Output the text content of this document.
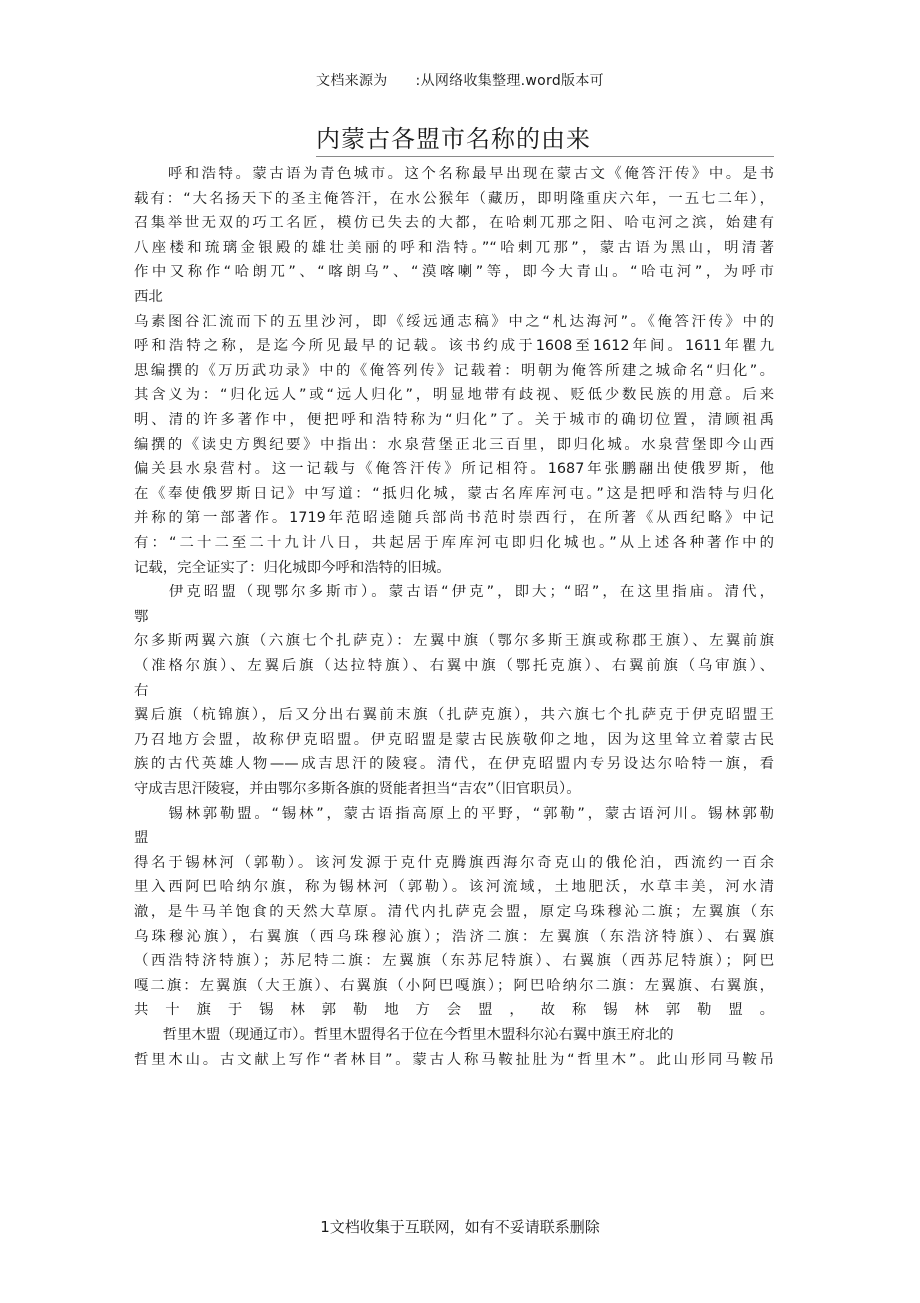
文档来源为 :从网络收集整理.word版本可
内蒙古各盟市名称的由来
　　呼和浩特。蒙古语为青色城市。这个名称最早出现在蒙古文《俺答汗传》中。是书
载有：“大名扬天下的圣主俺答汗，在水公猴年（藏历，即明隆重庆六年，一五七二年），
召集举世无双的巧工名匠，模仿已失去的大都，在哈剌兀那之阳、哈屯河之滨，始建有
八座楼和琉璃金银殿的雄壮美丽的呼和浩特。”“哈剌兀那”，蒙古语为黑山，明清著
作中又称作“哈朗兀”、“喀朗乌”、“漠喀喇”等，即今大青山。“哈屯河”，为呼市
西北
乌素图谷汇流而下的五里沙河，即《绥远通志稿》中之“札达海河”。《俺答汗传》中的
呼和浩特之称，是迄今所见最早的记载。该书约成于1608至1612年间。1611年瞿九
思编撰的《万历武功录》中的《俺答列传》记载着：明朝为俺答所建之城命名“归化”。
其含义为：“归化远人”或“远人归化”，明显地带有歧视、贬低少数民族的用意。后来
明、清的许多著作中，便把呼和浩特称为“归化”了。关于城市的确切位置，清顾祖禹
编撰的《读史方舆纪要》中指出：水泉营堡正北三百里，即归化城。水泉营堡即今山西
偏关县水泉营村。这一记载与《俺答汗传》所记相符。1687年张鹏翮出使俄罗斯，他
在《奉使俄罗斯日记》中写道：“抵归化城，蒙古名库库河屯。”这是把呼和浩特与归化
并称的第一部著作。1719年范昭逵随兵部尚书范时崇西行，在所著《从西纪略》中记
有：“二十二至二十九计八日，共起居于库库河屯即归化城也。”从上述各种著作中的
记载，完全证实了：归化城即今呼和浩特的旧城。
　　伊克昭盟（现鄂尔多斯市）。蒙古语“伊克”，即大；“昭”，在这里指庙。清代，
鄂
尔多斯两翼六旗（六旗七个扎萨克）：左翼中旗（鄂尔多斯王旗或称郡王旗）、左翼前旗
（准格尔旗）、左翼后旗（达拉特旗）、右翼中旗（鄂托克旗）、右翼前旗（乌审旗）、
右
翼后旗（杭锦旗），后又分出右翼前末旗（扎萨克旗），共六旗七个扎萨克于伊克昭盟王
乃召地方会盟，故称伊克昭盟。伊克昭盟是蒙古民族敬仰之地，因为这里耸立着蒙古民
族的古代英雄人物——成吉思汗的陵寝。清代，在伊克昭盟内专另设达尔哈特一旗，看
守成吉思汗陵寝，并由鄂尔多斯各旗的贤能者担当“吉农”（旧官职员）。
　　锡林郭勒盟。“锡林”，蒙古语指高原上的平野，“郭勒”，蒙古语河川。锡林郭勒
盟
得名于锡林河（郭勒）。该河发源于克什克腾旗西海尔奇克山的俄伦泊，西流约一百余
里入西阿巴哈纳尔旗，称为锡林河（郭勒）。该河流域，土地肥沃，水草丰美，河水清
澈，是牛马羊饱食的天然大草原。清代内扎萨克会盟，原定乌珠穆沁二旗；左翼旗（东
乌珠穆沁旗），右翼旗（西乌珠穆沁旗）；浩济二旗：左翼旗（东浩济特旗）、右翼旗
（西浩特济特旗）；苏尼特二旗：左翼旗（东苏尼特旗）、右翼旗（西苏尼特旗）；阿巴
嘎二旗：左翼旗（大王旗）、右翼旗（小阿巴嘎旗）；阿巴哈纳尔二旗：左翼旗、右翼旗，
共十旗于锡林郭勒地方会盟，故称锡林郭勒盟。
　　哲里木盟（现通辽市）。哲里木盟得名于位在今哲里木盟科尔沁右翼中旗王府北的
哲里木山。古文献上写作“者林目”。蒙古人称马鞍扯肚为“哲里木”。此山形同马鞍吊
1文档收集于互联网，如有不妥请联系删除
